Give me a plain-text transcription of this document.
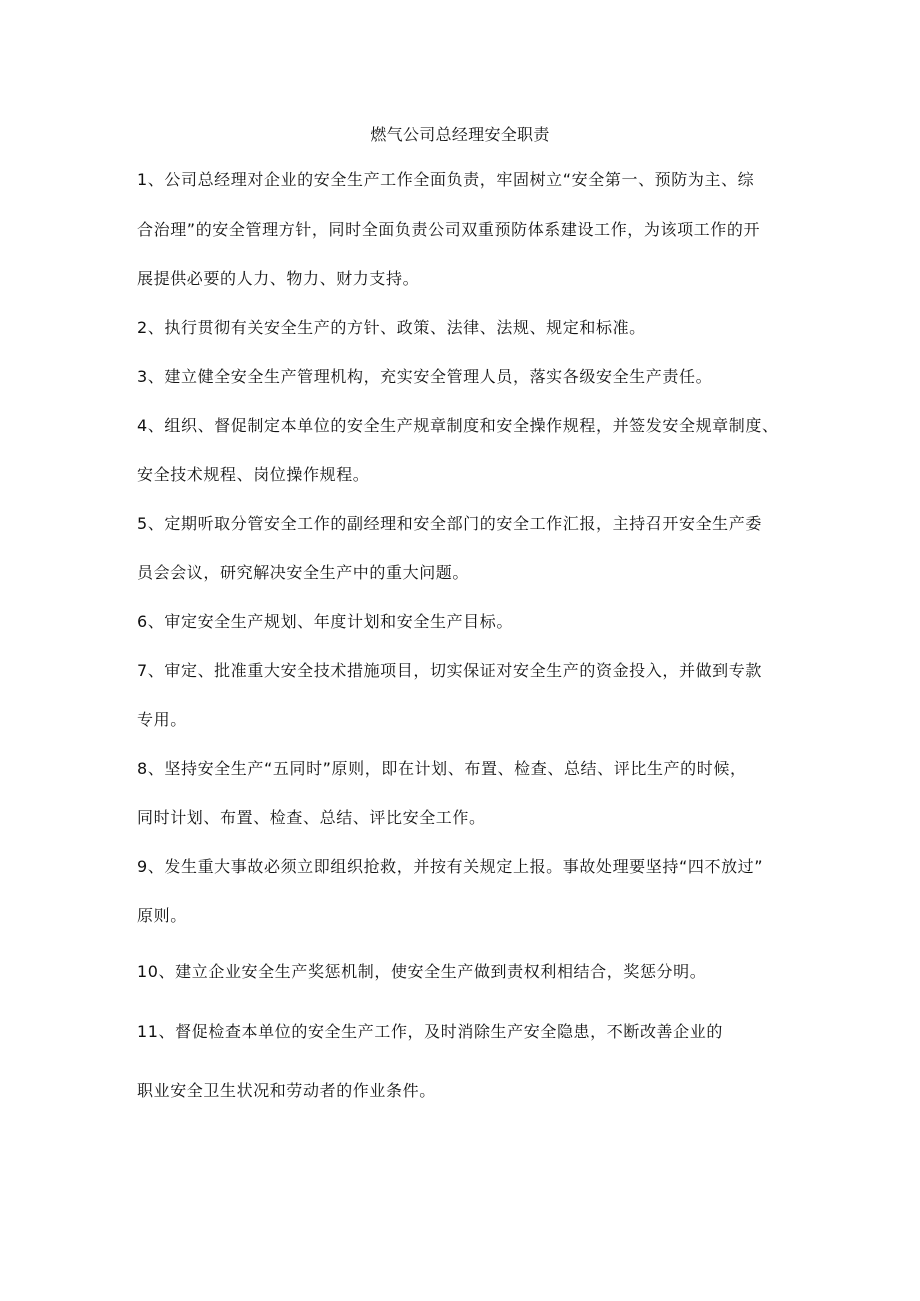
燃气公司总经理安全职责
1、公司总经理对企业的安全生产工作全面负责，牢固树立“安全第一、预防为主、综
合治理”的安全管理方针，同时全面负责公司双重预防体系建设工作，为该项工作的开
展提供必要的人力、物力、财力支持。
2、执行贯彻有关安全生产的方针、政策、法律、法规、规定和标准。
3、建立健全安全生产管理机构，充实安全管理人员，落实各级安全生产责任。
4、组织、督促制定本单位的安全生产规章制度和安全操作规程，并签发安全规章制度、
安全技术规程、岗位操作规程。
5、定期听取分管安全工作的副经理和安全部门的安全工作汇报，主持召开安全生产委
员会会议，研究解决安全生产中的重大问题。
6、审定安全生产规划、年度计划和安全生产目标。
7、审定、批准重大安全技术措施项目，切实保证对安全生产的资金投入，并做到专款
专用。
8、坚持安全生产“五同时”原则，即在计划、布置、检查、总结、评比生产的时候，
同时计划、布置、检查、总结、评比安全工作。
9、发生重大事故必须立即组织抢救，并按有关规定上报。事故处理要坚持“四不放过”
原则。
10、建立企业安全生产奖惩机制，使安全生产做到责权利相结合，奖惩分明。
11、督促检查本单位的安全生产工作，及时消除生产安全隐患，不断改善企业的
职业安全卫生状况和劳动者的作业条件。
